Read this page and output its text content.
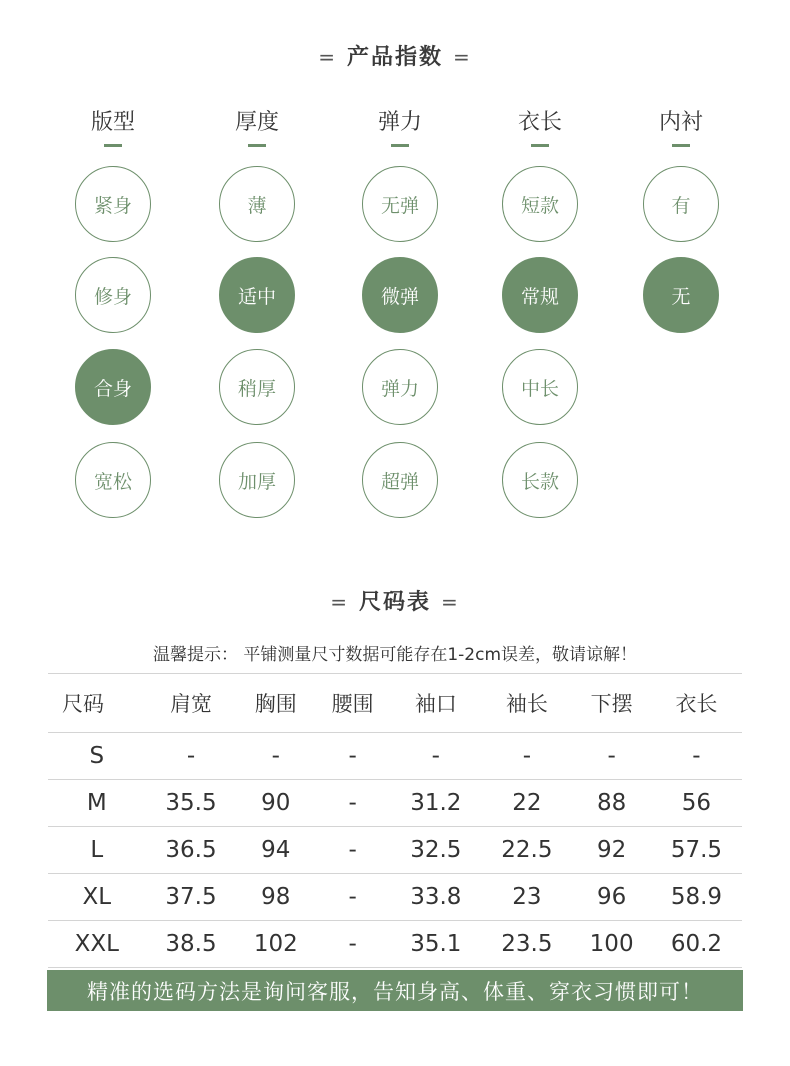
= 产品指数 =
版型
紧身
修身
合身
宽松
厚度
薄
适中
稍厚
加厚
弹力
无弹
微弹
弹力
超弹
衣长
短款
常规
中长
长款
内衬
有
无
= 尺码表 =
温馨提示： 平铺测量尺寸数据可能存在1-2cm误差，敬请谅解！
尺码	肩宽	胸围	腰围	袖口	袖长	下摆	衣长
S	-	-	-	-	-	-	-
M	35.5	90	-	31.2	22	88	56
L	36.5	94	-	32.5	22.5	92	57.5
XL	37.5	98	-	33.8	23	96	58.9
XXL	38.5	102	-	35.1	23.5	100	60.2
精准的选码方法是询问客服，告知身高、体重、穿衣习惯即可！
